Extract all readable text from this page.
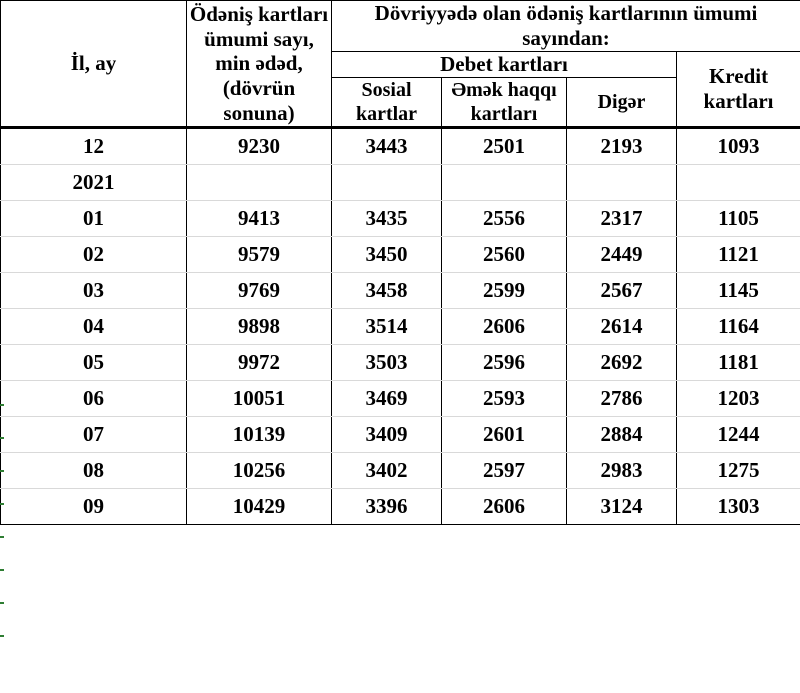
İl, ay	Ödəniş kartları ümumi sayı, min ədəd, (dövrün sonuna)	Dövriyyədə olan ödəniş kartlarının ümumi sayından:			
		Debet kartları			Kredit kartları
		Sosial kartlar	Əmək haqqı kartları	Digər	
12	9230	3443	2501	2193	1093
2021					
01	9413	3435	2556	2317	1105
02	9579	3450	2560	2449	1121
03	9769	3458	2599	2567	1145
04	9898	3514	2606	2614	1164
05	9972	3503	2596	2692	1181
06	10051	3469	2593	2786	1203
07	10139	3409	2601	2884	1244
08	10256	3402	2597	2983	1275
09	10429	3396	2606	3124	1303
